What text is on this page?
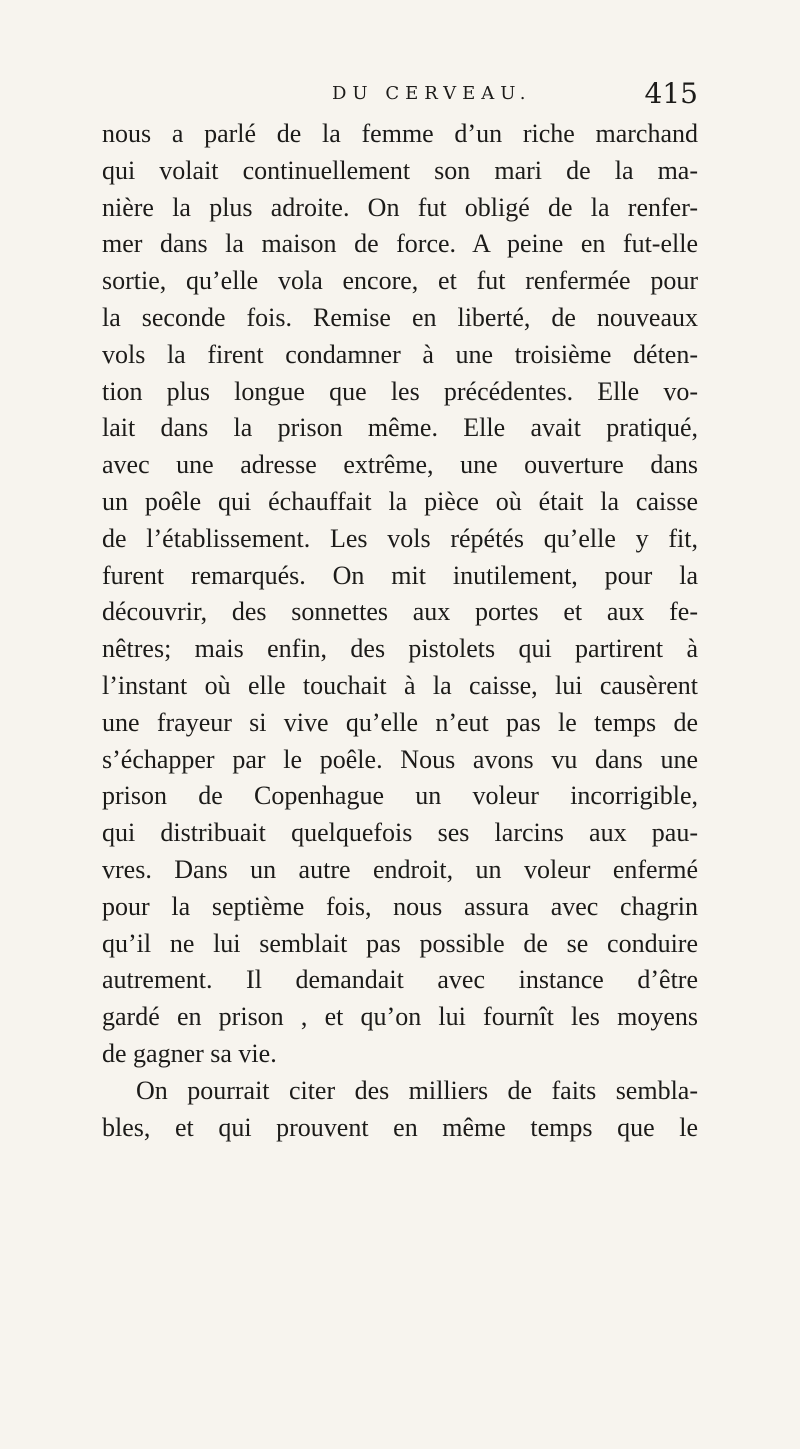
DU CERVEAU.	415
nous a parlé de la femme d’un riche marchand
qui volait continuellement son mari de la ma-
nière la plus adroite. On fut obligé de la renfer-
mer dans la maison de force. A peine en fut-elle
sortie, qu’elle vola encore, et fut renfermée pour
la seconde fois. Remise en liberté, de nouveaux
vols la firent condamner à une troisième déten-
tion plus longue que les précédentes. Elle vo-
lait dans la prison même. Elle avait pratiqué,
avec une adresse extrême, une ouverture dans
un poêle qui échauffait la pièce où était la caisse
de l’établissement. Les vols répétés qu’elle y fit,
furent remarqués. On mit inutilement, pour la
découvrir, des sonnettes aux portes et aux fe-
nêtres; mais enfin, des pistolets qui partirent à
l’instant où elle touchait à la caisse, lui causèrent
une frayeur si vive qu’elle n’eut pas le temps de
s’échapper par le poêle. Nous avons vu dans une
prison de Copenhague un voleur incorrigible,
qui distribuait quelquefois ses larcins aux pau-
vres. Dans un autre endroit, un voleur enfermé
pour la septième fois, nous assura avec chagrin
qu’il ne lui semblait pas possible de se conduire
autrement. Il demandait avec instance d’être
gardé en prison , et qu’on lui fournît les moyens
de gagner sa vie.
On pourrait citer des milliers de faits sembla-
bles, et qui prouvent en même temps que le
